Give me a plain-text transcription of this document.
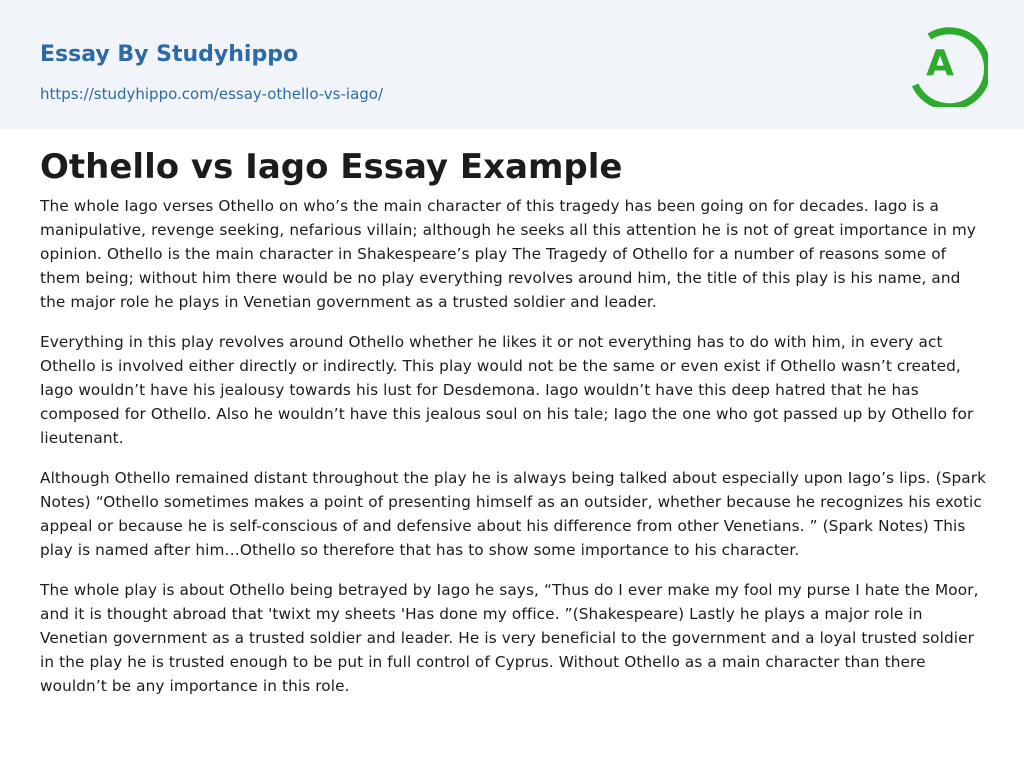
Essay By Studyhippo
https://studyhippo.com/essay-othello-vs-iago/
A
Othello vs Iago Essay Example

The whole Iago verses Othello on who’s the main character of this tragedy has been going on for decades. Iago is a manipulative, revenge seeking, nefarious villain; although he seeks all this attention he is not of great importance in my opinion. Othello is the main character in Shakespeare’s play The Tragedy of Othello for a number of reasons some of them being; without him there would be no play everything revolves around him, the title of this play is his name, and the major role he plays in Venetian government as a trusted soldier and leader.

Everything in this play revolves around Othello whether he likes it or not everything has to do with him, in every act Othello is involved either directly or indirectly. This play would not be the same or even exist if Othello wasn’t created, Iago wouldn’t have his jealousy towards his lust for Desdemona. Iago wouldn’t have this deep hatred that he has composed for Othello. Also he wouldn’t have this jealous soul on his tale; Iago the one who got passed up by Othello for lieutenant.

Although Othello remained distant throughout the play he is always being talked about especially upon Iago’s lips. (Spark Notes) “Othello sometimes makes a point of presenting himself as an outsider, whether because he recognizes his exotic appeal or because he is self-conscious of and defensive about his difference from other Venetians. ” (Spark Notes) This play is named after him…Othello so therefore that has to show some importance to his character.

The whole play is about Othello being betrayed by Iago he says, “Thus do I ever make my fool my purse I hate the Moor, and it is thought abroad that 'twixt my sheets 'Has done my office. ”(Shakespeare) Lastly he plays a major role in Venetian government as a trusted soldier and leader. He is very beneficial to the government and a loyal trusted soldier in the play he is trusted enough to be put in full control of Cyprus. Without Othello as a main character than there wouldn’t be any importance in this role.
